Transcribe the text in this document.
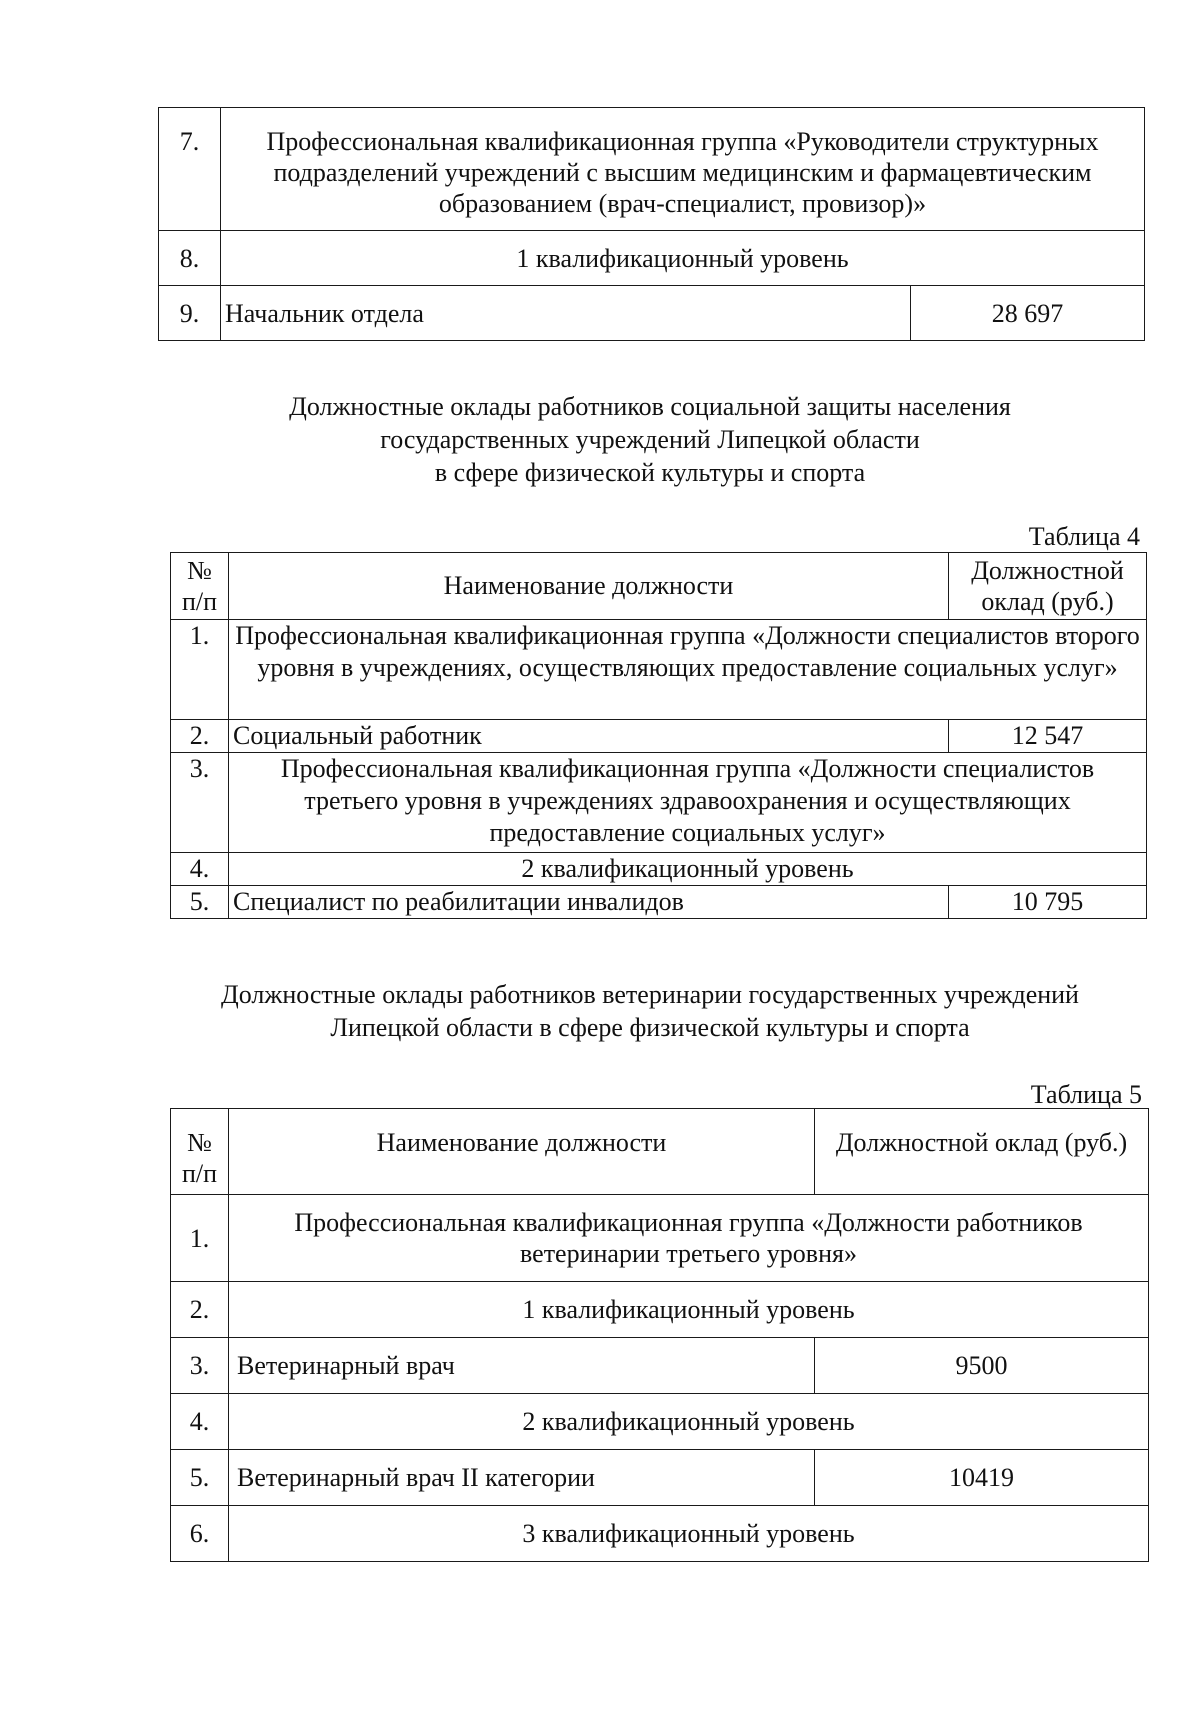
7.	Профессиональная квалификационная группа «Руководители структурных подразделений учреждений с высшим медицинским и фармацевтическим образованием (врач-специалист, провизор)»	
8.	1 квалификационный уровень	
9.	Начальник отдела	28 697
Должностные оклады работников социальной защиты населения
государственных учреждений Липецкой области
в сфере физической культуры и спорта
Таблица 4
№ п/п	Наименование должности	Должностной оклад (руб.)
1.	Профессиональная квалификационная группа «Должности специалистов второго уровня в учреждениях, осуществляющих предоставление социальных услуг»	
2.	Социальный работник	12 547
3.	Профессиональная квалификационная группа «Должности специалистов третьего уровня в учреждениях здравоохранения и осуществляющих предоставление социальных услуг»	
4.	2 квалификационный уровень	
5.	Специалист по реабилитации инвалидов	10 795
Должностные оклады работников ветеринарии государственных учреждений
Липецкой области в сфере физической культуры и спорта
Таблица 5
№ п/п	Наименование должности	Должностной оклад (руб.)
1.	Профессиональная квалификационная группа «Должности работников ветеринарии третьего уровня»	
2.	1 квалификационный уровень	
3.	Ветеринарный врач	9500
4.	2 квалификационный уровень	
5.	Ветеринарный врач II категории	10419
6.	3 квалификационный уровень	
